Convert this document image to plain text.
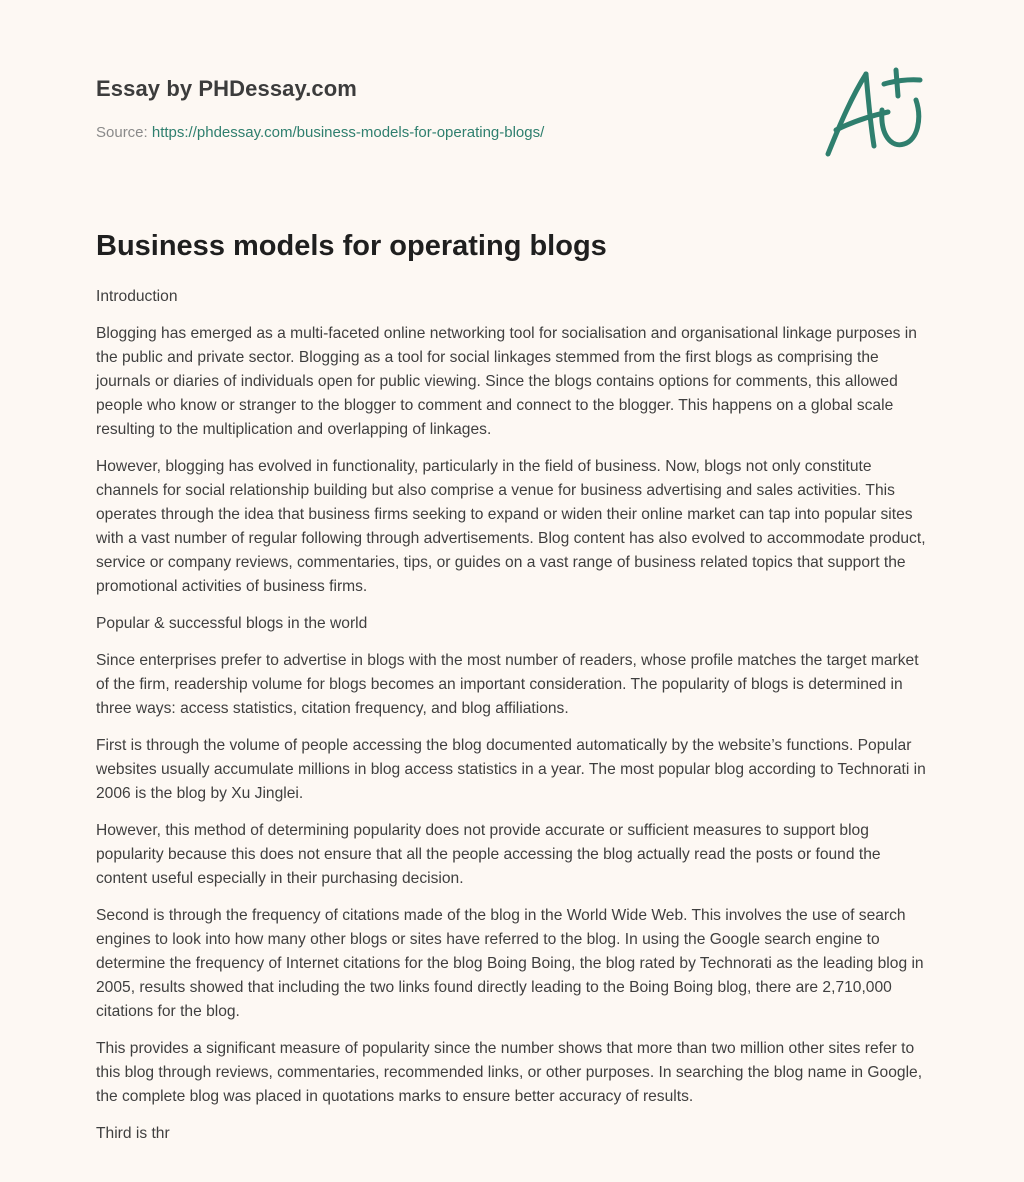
Essay by PHDessay.com
Source: https://phdessay.com/business-models-for-operating-blogs/
Business models for operating blogs

Introduction

Blogging has emerged as a multi-faceted online networking tool for socialisation and organisational linkage purposes in the public and private sector. Blogging as a tool for social linkages stemmed from the first blogs as comprising the journals or diaries of individuals open for public viewing. Since the blogs contains options for comments, this allowed people who know or stranger to the blogger to comment and connect to the blogger. This happens on a global scale resulting to the multiplication and overlapping of linkages.

However, blogging has evolved in functionality, particularly in the field of business. Now, blogs not only constitute channels for social relationship building but also comprise a venue for business advertising and sales activities. This operates through the idea that business firms seeking to expand or widen their online market can tap into popular sites with a vast number of regular following through advertisements. Blog content has also evolved to accommodate product, service or company reviews, commentaries, tips, or guides on a vast range of business related topics that support the promotional activities of business firms.

Popular & successful blogs in the world

Since enterprises prefer to advertise in blogs with the most number of readers, whose profile matches the target market of the firm, readership volume for blogs becomes an important consideration. The popularity of blogs is determined in three ways: access statistics, citation frequency, and blog affiliations.

First is through the volume of people accessing the blog documented automatically by the website’s functions. Popular websites usually accumulate millions in blog access statistics in a year. The most popular blog according to Technorati in 2006 is the blog by Xu Jinglei.

However, this method of determining popularity does not provide accurate or sufficient measures to support blog popularity because this does not ensure that all the people accessing the blog actually read the posts or found the content useful especially in their purchasing decision.

Second is through the frequency of citations made of the blog in the World Wide Web. This involves the use of search engines to look into how many other blogs or sites have referred to the blog. In using the Google search engine to determine the frequency of Internet citations for the blog Boing Boing, the blog rated by Technorati as the leading blog in 2005, results showed that including the two links found directly leading to the Boing Boing blog, there are 2,710,000 citations for the blog.

This provides a significant measure of popularity since the number shows that more than two million other sites refer to this blog through reviews, commentaries, recommended links, or other purposes. In searching the blog name in Google, the complete blog was placed in quotations marks to ensure better accuracy of results.

Third is thr
